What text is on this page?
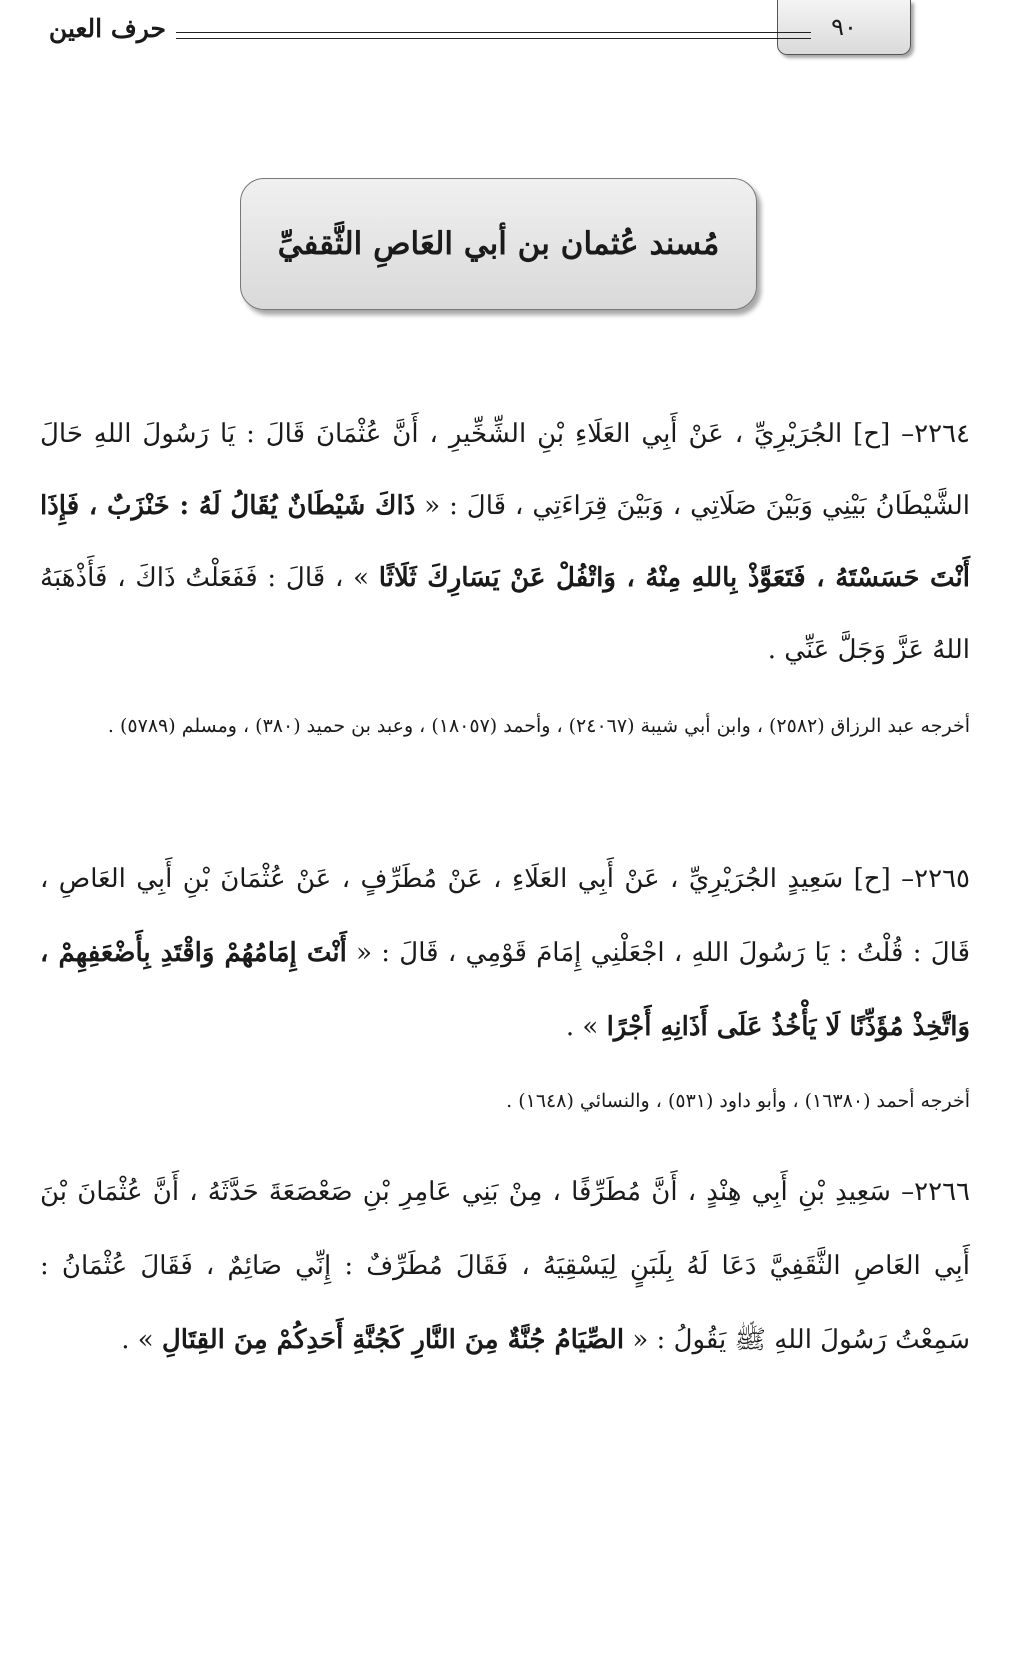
٩٠
حرف العين
مُسند عُثمان بن أبي العَاصِ الثَّقفيِّ

٢٢٦٤– [ح] الجُرَيْرِيِّ ، عَنْ أَبِي العَلَاءِ بْنِ الشِّخِّيرِ ، أَنَّ عُثْمَانَ قَالَ : يَا رَسُولَ اللهِ حَالَ الشَّيْطَانُ بَيْنِي وَبَيْنَ صَلَاتِي ، وَبَيْنَ قِرَاءَتِي ، قَالَ : « ذَاكَ شَيْطَانٌ يُقَالُ لَهُ : خَنْزَبٌ ، فَإِذَا أَنْتَ حَسَسْتَهُ ، فَتَعَوَّذْ بِاللهِ مِنْهُ ، وَاتْفُلْ عَنْ يَسَارِكَ ثَلَاثًا » ، قَالَ : فَفَعَلْتُ ذَاكَ ، فَأَذْهَبَهُ اللهُ عَزَّ وَجَلَّ عَنِّي .

أخرجه عبد الرزاق (٢٥٨٢) ، وابن أبي شيبة (٢٤٠٦٧) ، وأحمد (١٨٠٥٧) ، وعبد بن حميد (٣٨٠) ، ومسلم (٥٧٨٩) .

٢٢٦٥– [ح] سَعِيدٍ الجُرَيْرِيِّ ، عَنْ أَبِي العَلَاءِ ، عَنْ مُطَرِّفٍ ، عَنْ عُثْمَانَ بْنِ أَبِي العَاصِ ، قَالَ : قُلْتُ : يَا رَسُولَ اللهِ ، اجْعَلْنِي إِمَامَ قَوْمِي ، قَالَ : « أَنْتَ إِمَامُهُمْ وَاقْتَدِ بِأَضْعَفِهِمْ ، وَاتَّخِذْ مُؤَذِّنًا لَا يَأْخُذُ عَلَى أَذَانِهِ أَجْرًا » .

أخرجه أحمد (١٦٣٨٠) ، وأبو داود (٥٣١) ، والنسائي (١٦٤٨) .

٢٢٦٦– سَعِيدِ بْنِ أَبِي هِنْدٍ ، أَنَّ مُطَرِّفًا ، مِنْ بَنِي عَامِرِ بْنِ صَعْصَعَةَ حَدَّثَهُ ، أَنَّ عُثْمَانَ بْنَ أَبِي العَاصِ الثَّقَفِيَّ دَعَا لَهُ بِلَبَنٍ لِيَسْقِيَهُ ، فَقَالَ مُطَرِّفٌ : إِنِّي صَائِمٌ ، فَقَالَ عُثْمَانُ : سَمِعْتُ رَسُولَ اللهِ ﷺ يَقُولُ : « الصِّيَامُ جُنَّةٌ مِنَ النَّارِ كَجُنَّةِ أَحَدِكُمْ مِنَ القِتَالِ » .
